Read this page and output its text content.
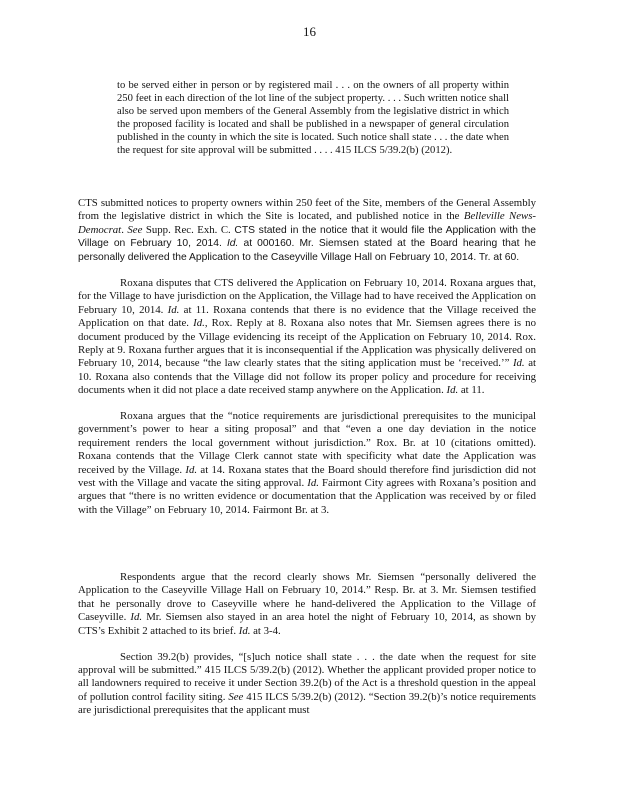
16

to be served either in person or by registered mail . . . on the owners of all property within 250 feet in each direction of the lot line of the subject property. . . . Such written notice shall also be served upon members of the General Assembly from the legislative district in which the proposed facility is located and shall be published in a newspaper of general circulation published in the county in which the site is located. Such notice shall state . . . the date when the request for site approval will be submitted . . . . 415 ILCS 5/39.2(b) (2012).

CTS submitted notices to property owners within 250 feet of the Site, members of the General Assembly from the legislative district in which the Site is located, and published notice in the Belleville News-Democrat. See Supp. Rec. Exh. C. CTS stated in the notice that it would file the Application with the Village on February 10, 2014. Id. at 000160. Mr. Siemsen stated at the Board hearing that he personally delivered the Application to the Caseyville Village Hall on February 10, 2014. Tr. at 60.

Roxana disputes that CTS delivered the Application on February 10, 2014. Roxana argues that, for the Village to have jurisdiction on the Application, the Village had to have received the Application on February 10, 2014. Id. at 11. Roxana contends that there is no evidence that the Village received the Application on that date. Id., Rox. Reply at 8. Roxana also notes that Mr. Siemsen agrees there is no document produced by the Village evidencing its receipt of the Application on February 10, 2014. Rox. Reply at 9. Roxana further argues that it is inconsequential if the Application was physically delivered on February 10, 2014, because “the law clearly states that the siting application must be ‘received.’” Id. at 10. Roxana also contends that the Village did not follow its proper policy and procedure for receiving documents when it did not place a date received stamp anywhere on the Application. Id. at 11.

Roxana argues that the “notice requirements are jurisdictional prerequisites to the municipal government’s power to hear a siting proposal” and that “even a one day deviation in the notice requirement renders the local government without jurisdiction.” Rox. Br. at 10 (citations omitted). Roxana contends that the Village Clerk cannot state with specificity what date the Application was received by the Village. Id. at 14. Roxana states that the Board should therefore find jurisdiction did not vest with the Village and vacate the siting approval. Id. Fairmont City agrees with Roxana’s position and argues that “there is no written evidence or documentation that the Application was received by or filed with the Village” on February 10, 2014. Fairmont Br. at 3.

Respondents argue that the record clearly shows Mr. Siemsen “personally delivered the Application to the Caseyville Village Hall on February 10, 2014.” Resp. Br. at 3. Mr. Siemsen testified that he personally drove to Caseyville where he hand-delivered the Application to the Village of Caseyville. Id. Mr. Siemsen also stayed in an area hotel the night of February 10, 2014, as shown by CTS’s Exhibit 2 attached to its brief. Id. at 3-4.

Section 39.2(b) provides, “[s]uch notice shall state . . . the date when the request for site approval will be submitted.” 415 ILCS 5/39.2(b) (2012). Whether the applicant provided proper notice to all landowners required to receive it under Section 39.2(b) of the Act is a threshold question in the appeal of pollution control facility siting. See 415 ILCS 5/39.2(b) (2012). “Section 39.2(b)’s notice requirements are jurisdictional prerequisites that the applicant must
